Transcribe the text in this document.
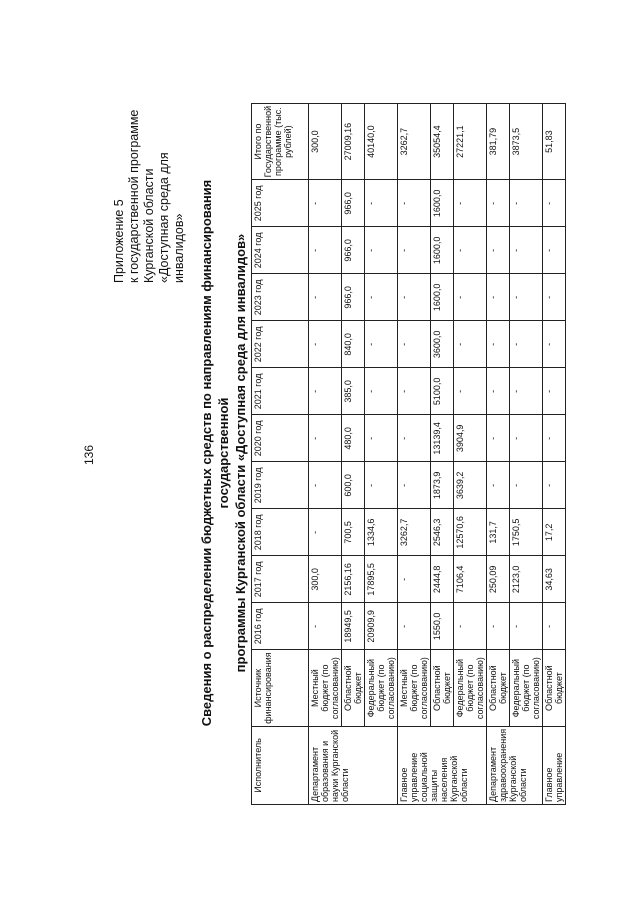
136
Приложение 5 к государственной программе Курганской области «Доступная среда для инвалидов» Сведения о распределении бюджетных средств по направлениям финансирования государственной программы Курганской области «Доступная среда для инвалидов»
Исполнитель	Источник финансирования	2016 год	2017 год	2018 год	2019 год	2020 год	2021 год	2022 год	2023 год	2024 год	2025 год	Итого по Государственной программе (тыс. рублей)
Департамент образования и науки Курганской области	Местный бюджет (по согласованию)	-	300,0	-	-	-	-	-	-	-	-	300,0
	Областной бюджет	18949,5	2156,16	700,5	600,0	480,0	385,0	840,0	966,0	966,0	966,0	27009,16
	Федеральный бюджет (по согласованию)	20909,9	17895,5	1334,6	-	-	-	-	-	-	-	40140,0
Главное управление социальной защиты населения Курганской области	Местный бюджет (по согласованию)	-	-	3262,7	-	-	-	-	-	-	-	3262,7
	Областной бюджет	1550,0	2444,8	2546,3	1873,9	13139,4	5100,0	3600,0	1600,0	1600,0	1600,0	35054,4
	Федеральный бюджет (по согласованию)	-	7106,4	12570,6	3639,2	3904,9	-	-	-	-	-	27221,1
Департамент здравоохранения Курганской области	Областной бюджет	-	250,09	131,7	-	-	-	-	-	-	-	381,79
	Федеральный бюджет (по согласованию)	-	2123,0	1750,5	-	-	-	-	-	-	-	3873,5
Главное управление	Областной бюджет	-	34,63	17,2	-	-	-	-	-	-	-	51,83
